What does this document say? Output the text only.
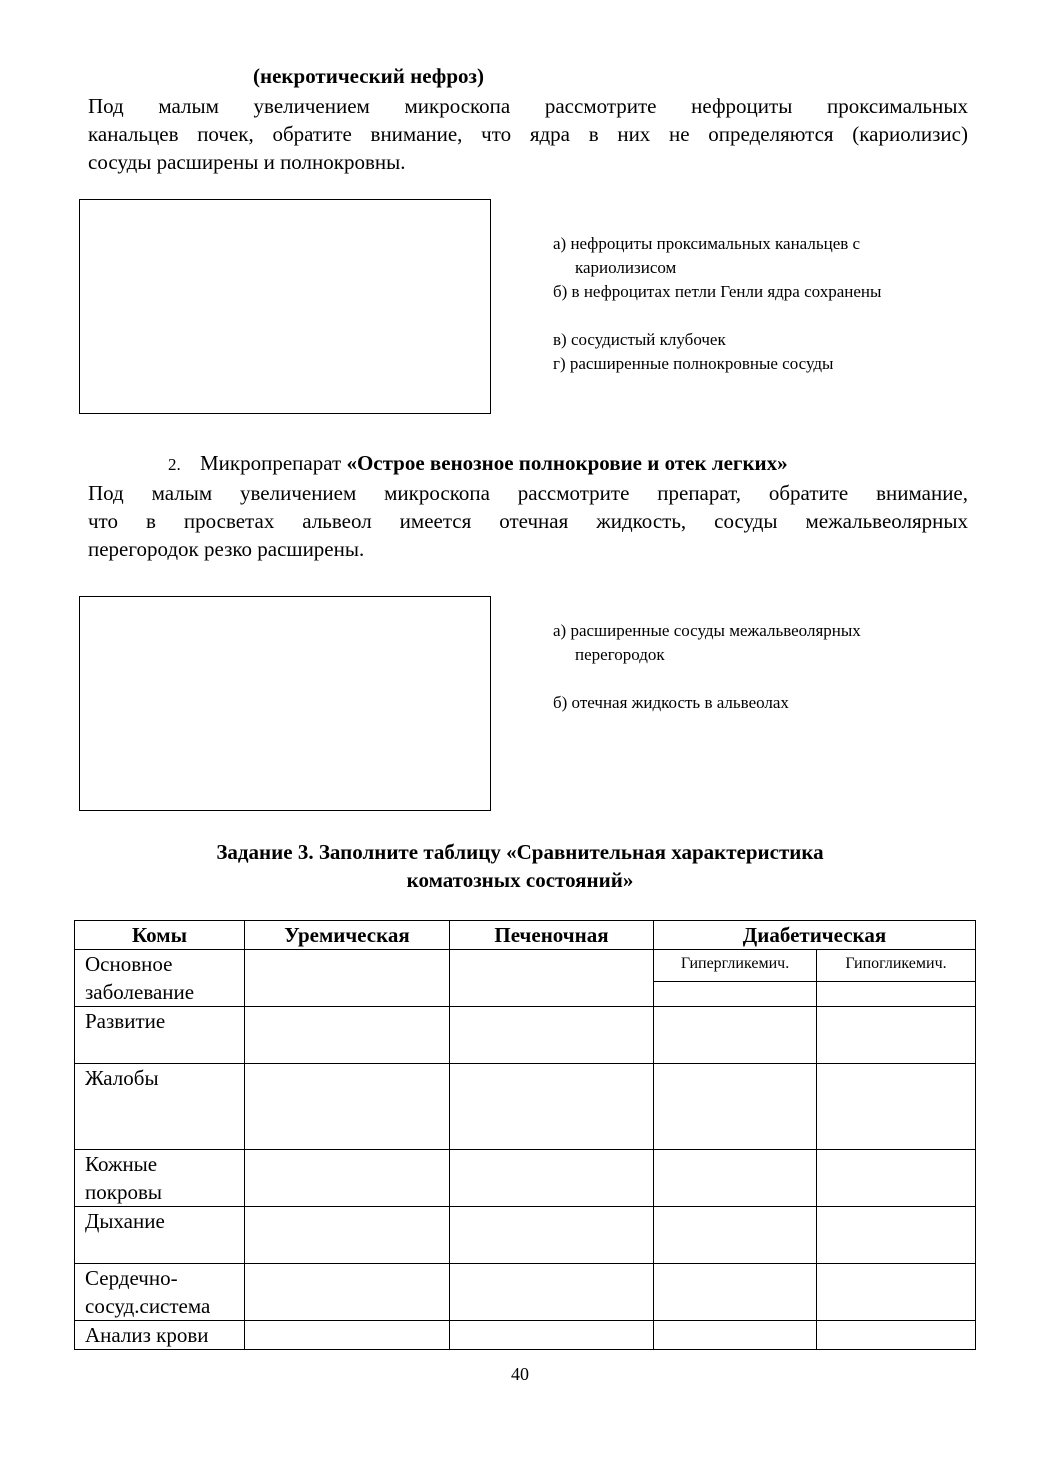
(некротический нефроз)
Под малым увеличением микроскопа рассмотрите нефроциты проксимальных
канальцев почек, обратите внимание, что ядра в них не определяются (кариолизис)
сосуды расширены и полнокровны.
а) нефроциты проксимальных канальцев с
кариолизисом
б) в нефроцитах петли Генли ядра сохранены
в) сосудистый клубочек
г) расширенные полнокровные сосуды
2. Микропрепарат «Острое венозное полнокровие и отек легких»
Под малым увеличением микроскопа рассмотрите препарат, обратите внимание,
что в просветах альвеол имеется отечная жидкость, сосуды межальвеолярных
перегородок резко расширены.
а) расширенные сосуды межальвеолярных
перегородок
б) отечная жидкость в альвеолах
Задание 3. Заполните таблицу «Сравнительная характеристика
коматозных состояний»
Комы	Уремическая	Печеночная	Диабетическая	

Основное
заболевание			Гипергликемич.	Гипогликемич.

Развитие				
Жалобы				

Кожные
покровы				

Дыхание				

Сердечно-
сосуд.система				

Анализ крови				
40
